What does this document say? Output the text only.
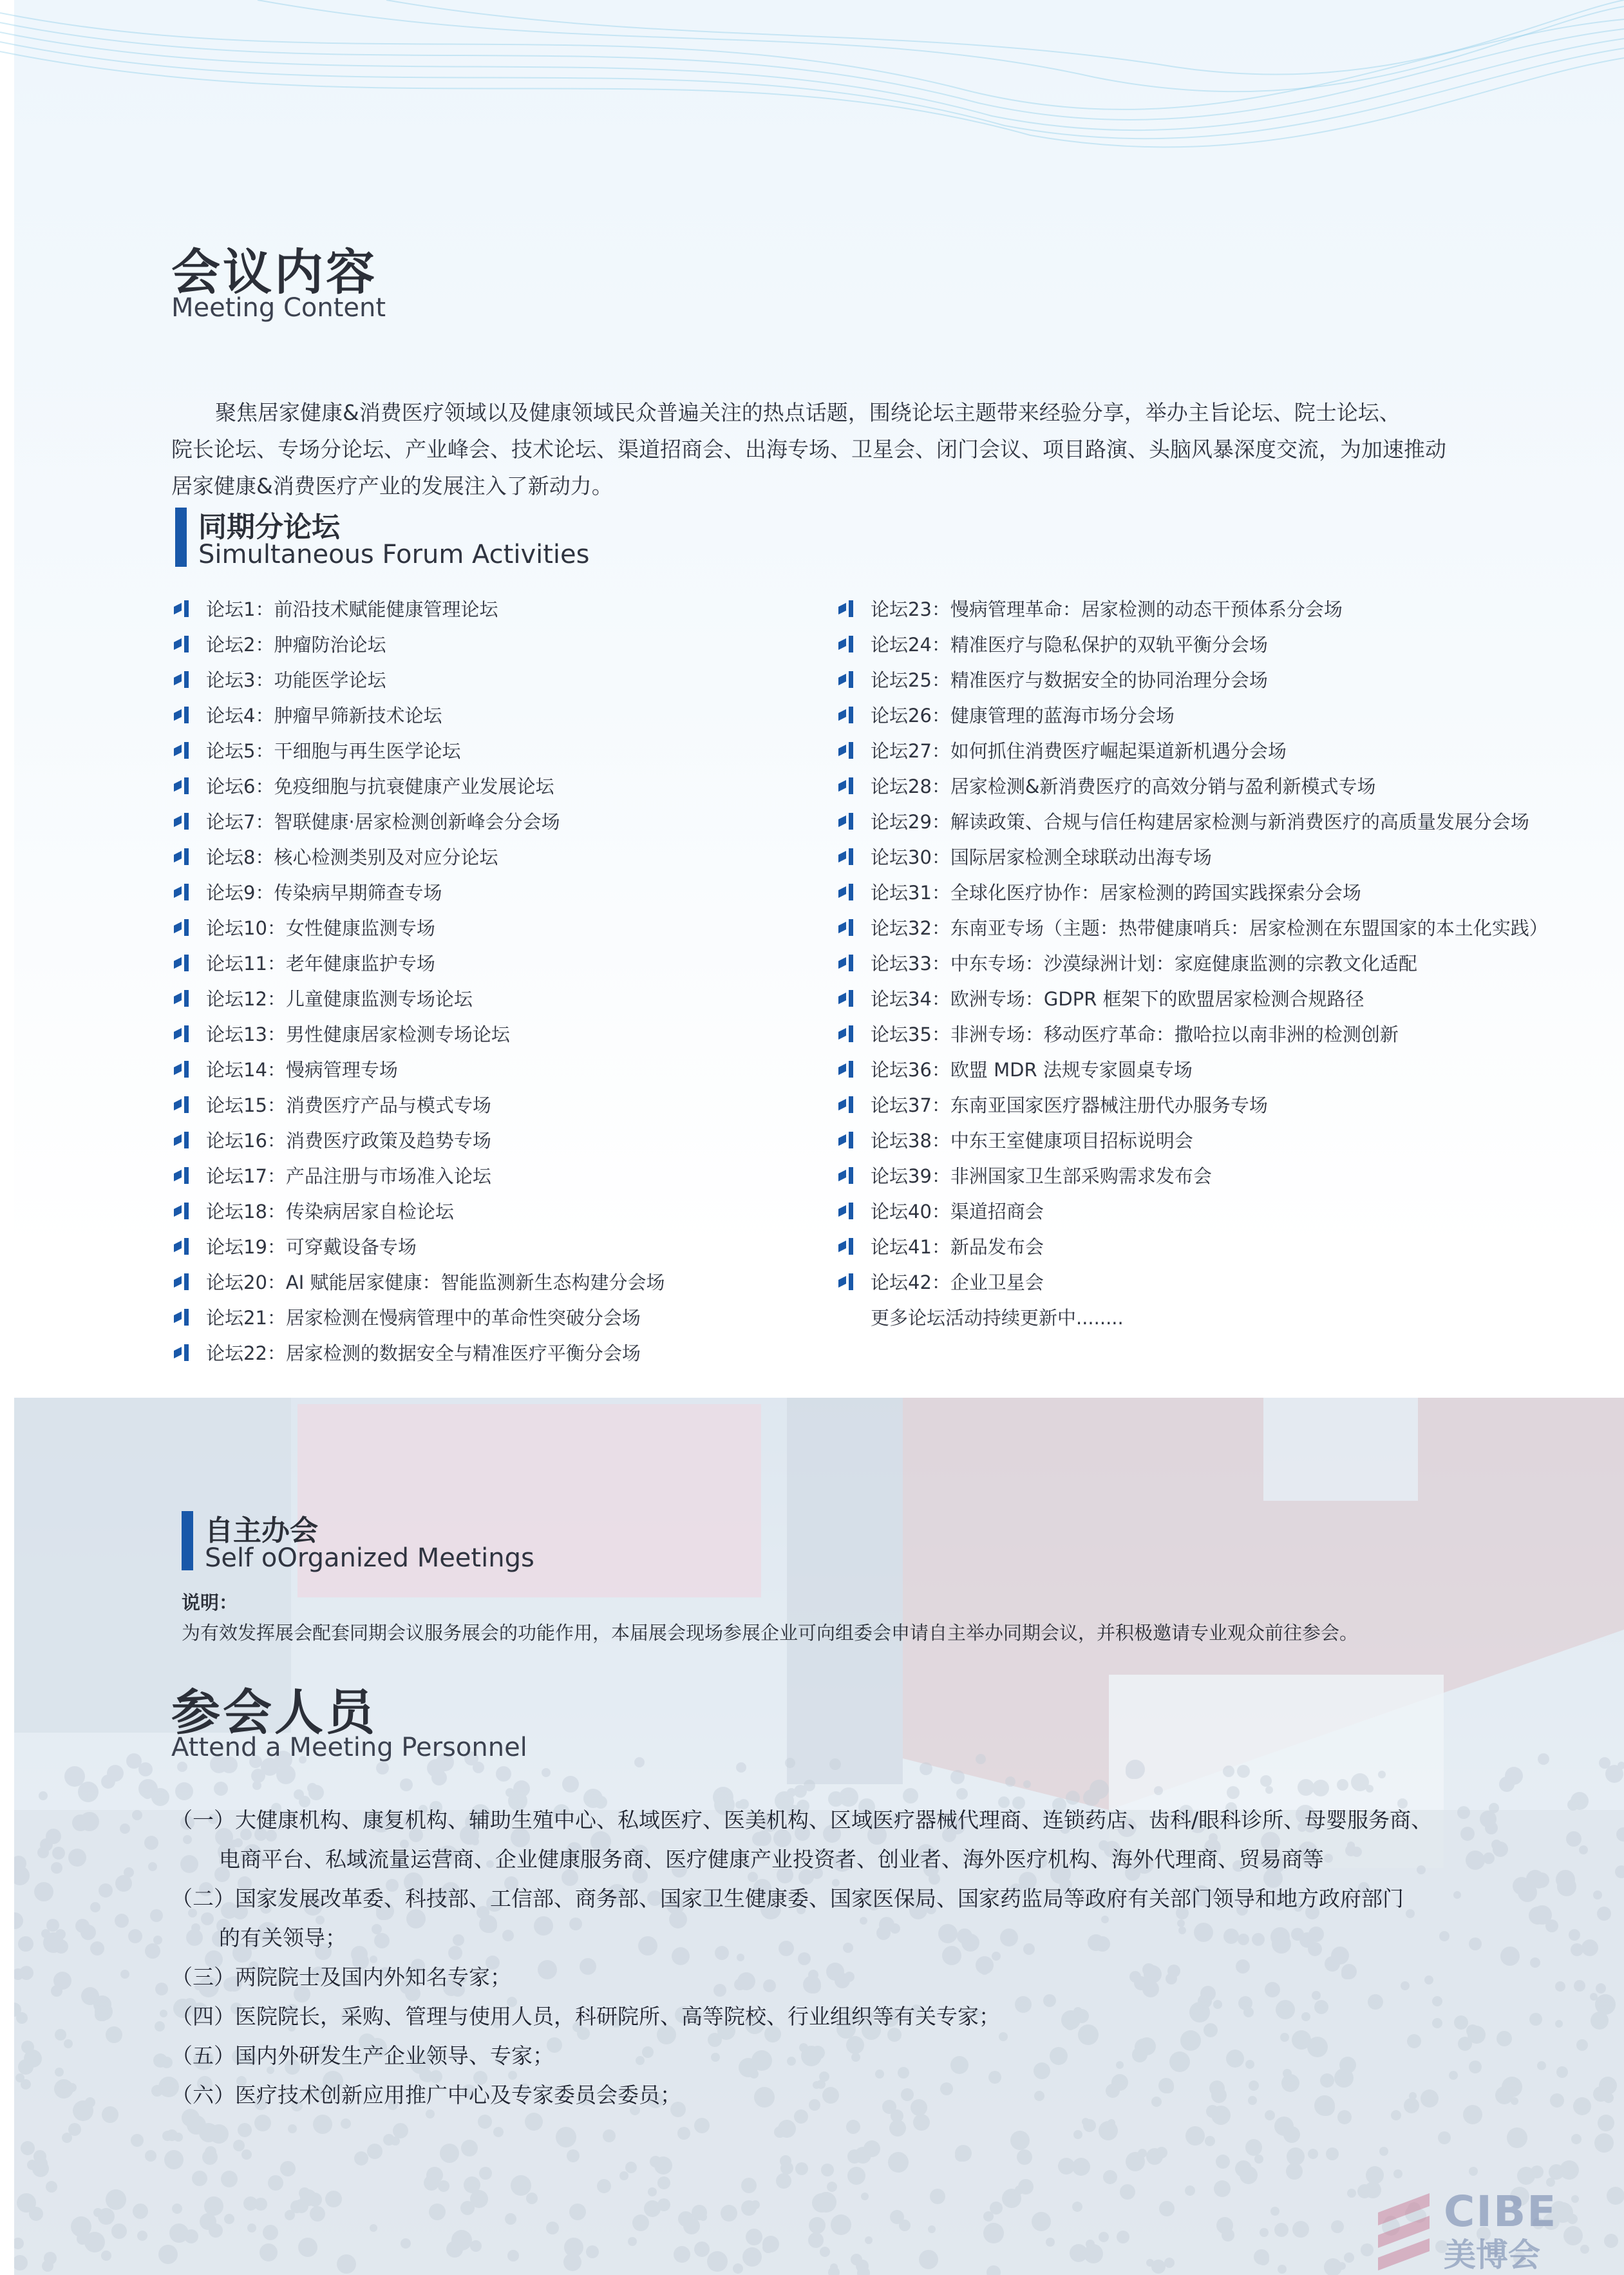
会议内容
Meeting Content

聚焦居家健康&消费医疗领域以及健康领域民众普遍关注的热点话题，围绕论坛主题带来经验分享，举办主旨论坛、院士论坛、
院长论坛、专场分论坛、产业峰会、技术论坛、渠道招商会、出海专场、卫星会、闭门会议、项目路演、头脑风暴深度交流，为加速推动
居家健康&消费医疗产业的发展注入了新动力。

同期分论坛
Simultaneous Forum Activities
论坛1：前沿技术赋能健康管理论坛
论坛2：肿瘤防治论坛
论坛3：功能医学论坛
论坛4：肿瘤早筛新技术论坛
论坛5：干细胞与再生医学论坛
论坛6：免疫细胞与抗衰健康产业发展论坛
论坛7：智联健康·居家检测创新峰会分会场
论坛8：核心检测类别及对应分论坛
论坛9：传染病早期筛查专场
论坛10：女性健康监测专场
论坛11：老年健康监护专场
论坛12：儿童健康监测专场论坛
论坛13：男性健康居家检测专场论坛
论坛14：慢病管理专场
论坛15：消费医疗产品与模式专场
论坛16：消费医疗政策及趋势专场
论坛17：产品注册与市场准入论坛
论坛18：传染病居家自检论坛
论坛19：可穿戴设备专场
论坛20：AI 赋能居家健康：智能监测新生态构建分会场
论坛21：居家检测在慢病管理中的革命性突破分会场
论坛22：居家检测的数据安全与精准医疗平衡分会场
论坛23：慢病管理革命：居家检测的动态干预体系分会场
论坛24：精准医疗与隐私保护的双轨平衡分会场
论坛25：精准医疗与数据安全的协同治理分会场
论坛26：健康管理的蓝海市场分会场
论坛27：如何抓住消费医疗崛起渠道新机遇分会场
论坛28：居家检测&新消费医疗的高效分销与盈利新模式专场
论坛29：解读政策、合规与信任构建居家检测与新消费医疗的高质量发展分会场
论坛30：国际居家检测全球联动出海专场
论坛31：全球化医疗协作：居家检测的跨国实践探索分会场
论坛32：东南亚专场（主题：热带健康哨兵：居家检测在东盟国家的本土化实践）
论坛33：中东专场：沙漠绿洲计划：家庭健康监测的宗教文化适配
论坛34：欧洲专场：GDPR 框架下的欧盟居家检测合规路径
论坛35：非洲专场：移动医疗革命：撒哈拉以南非洲的检测创新
论坛36：欧盟 MDR 法规专家圆桌专场
论坛37：东南亚国家医疗器械注册代办服务专场
论坛38：中东王室健康项目招标说明会
论坛39：非洲国家卫生部采购需求发布会
论坛40：渠道招商会
论坛41：新品发布会
论坛42：企业卫星会
更多论坛活动持续更新中........
自主办会
Self oOrganized Meetings
说明：
为有效发挥展会配套同期会议服务展会的功能作用，本届展会现场参展企业可向组委会申请自主举办同期会议，并积极邀请专业观众前往参会。
参会人员
Attend a Meeting Personnel
（一）大健康机构、康复机构、辅助生殖中心、私域医疗、医美机构、区域医疗器械代理商、连锁药店、齿科/眼科诊所、母婴服务商、
电商平台、私域流量运营商、企业健康服务商、医疗健康产业投资者、创业者、海外医疗机构、海外代理商、贸易商等
（二）国家发展改革委、科技部、工信部、商务部、国家卫生健康委、国家医保局、国家药监局等政府有关部门领导和地方政府部门
的有关领导；
（三）两院院士及国内外知名专家；
（四）医院院长，采购、管理与使用人员，科研院所、高等院校、行业组织等有关专家；
（五）国内外研发生产企业领导、专家；
（六）医疗技术创新应用推广中心及专家委员会委员；
CIBE
美博会
